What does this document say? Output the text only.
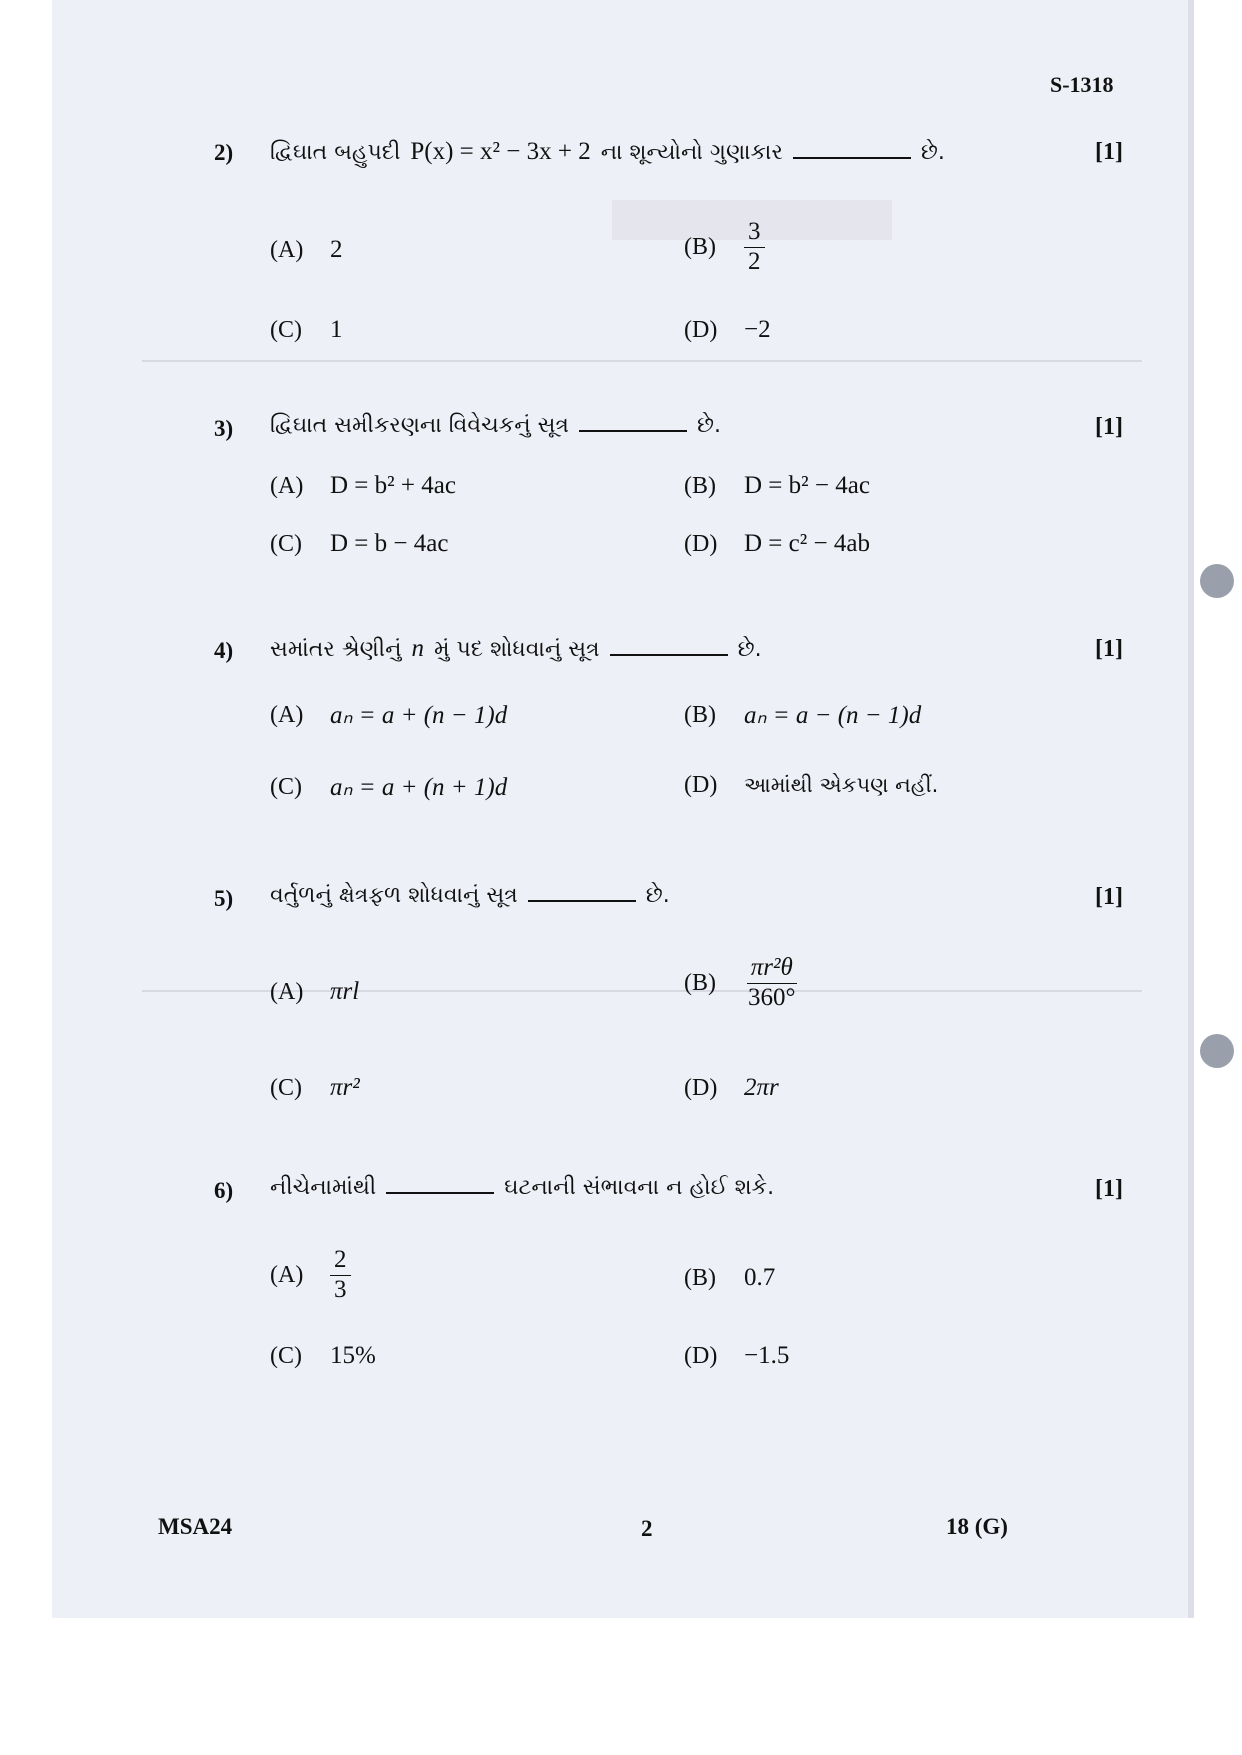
S-1318
2) દ્વિઘાત બહુપદી P(x) = x² − 3x + 2 ના શૂન્યોનો ગુણાકાર	છે.	[1]
(A)	2	(B)	$\frac{3}{2}$
(C)	1	(D)	−2
3) દ્વિઘાત સમીકરણના વિવેચકનું સૂત્ર	છે.	[1]
(A)	D = b² + 4ac	(B)	D = b² − 4ac
(C)	D = b − 4ac	(D)	D = c² − 4ab
4) સમાંતર શ્રેણીનું n મું પદ શોધવાનું સૂત્ર	છે.	[1]
(A)	aₙ = a + (n − 1)d	(B)	aₙ = a − (n − 1)d
(C)	aₙ = a + (n + 1)d	(D)	આમાંથી એકપણ નહીં.
5) વર્તુળનું ક્ષેત્રફળ શોધવાનું સૂત્ર	છે.	[1]
(A)	πrl	(B)	$\frac{\text{πr²θ}}{360^\circ}$
(C)	πr²	(D)	2πr
6) નીચેનામાંથી	ઘટનાની સંભાવના ન હોઈ શકે.	[1]
(A)	$\frac{2}{3}$	(B)	0.7
(C)	15%	(D)	−1.5
MSA24	2	18 (G)
